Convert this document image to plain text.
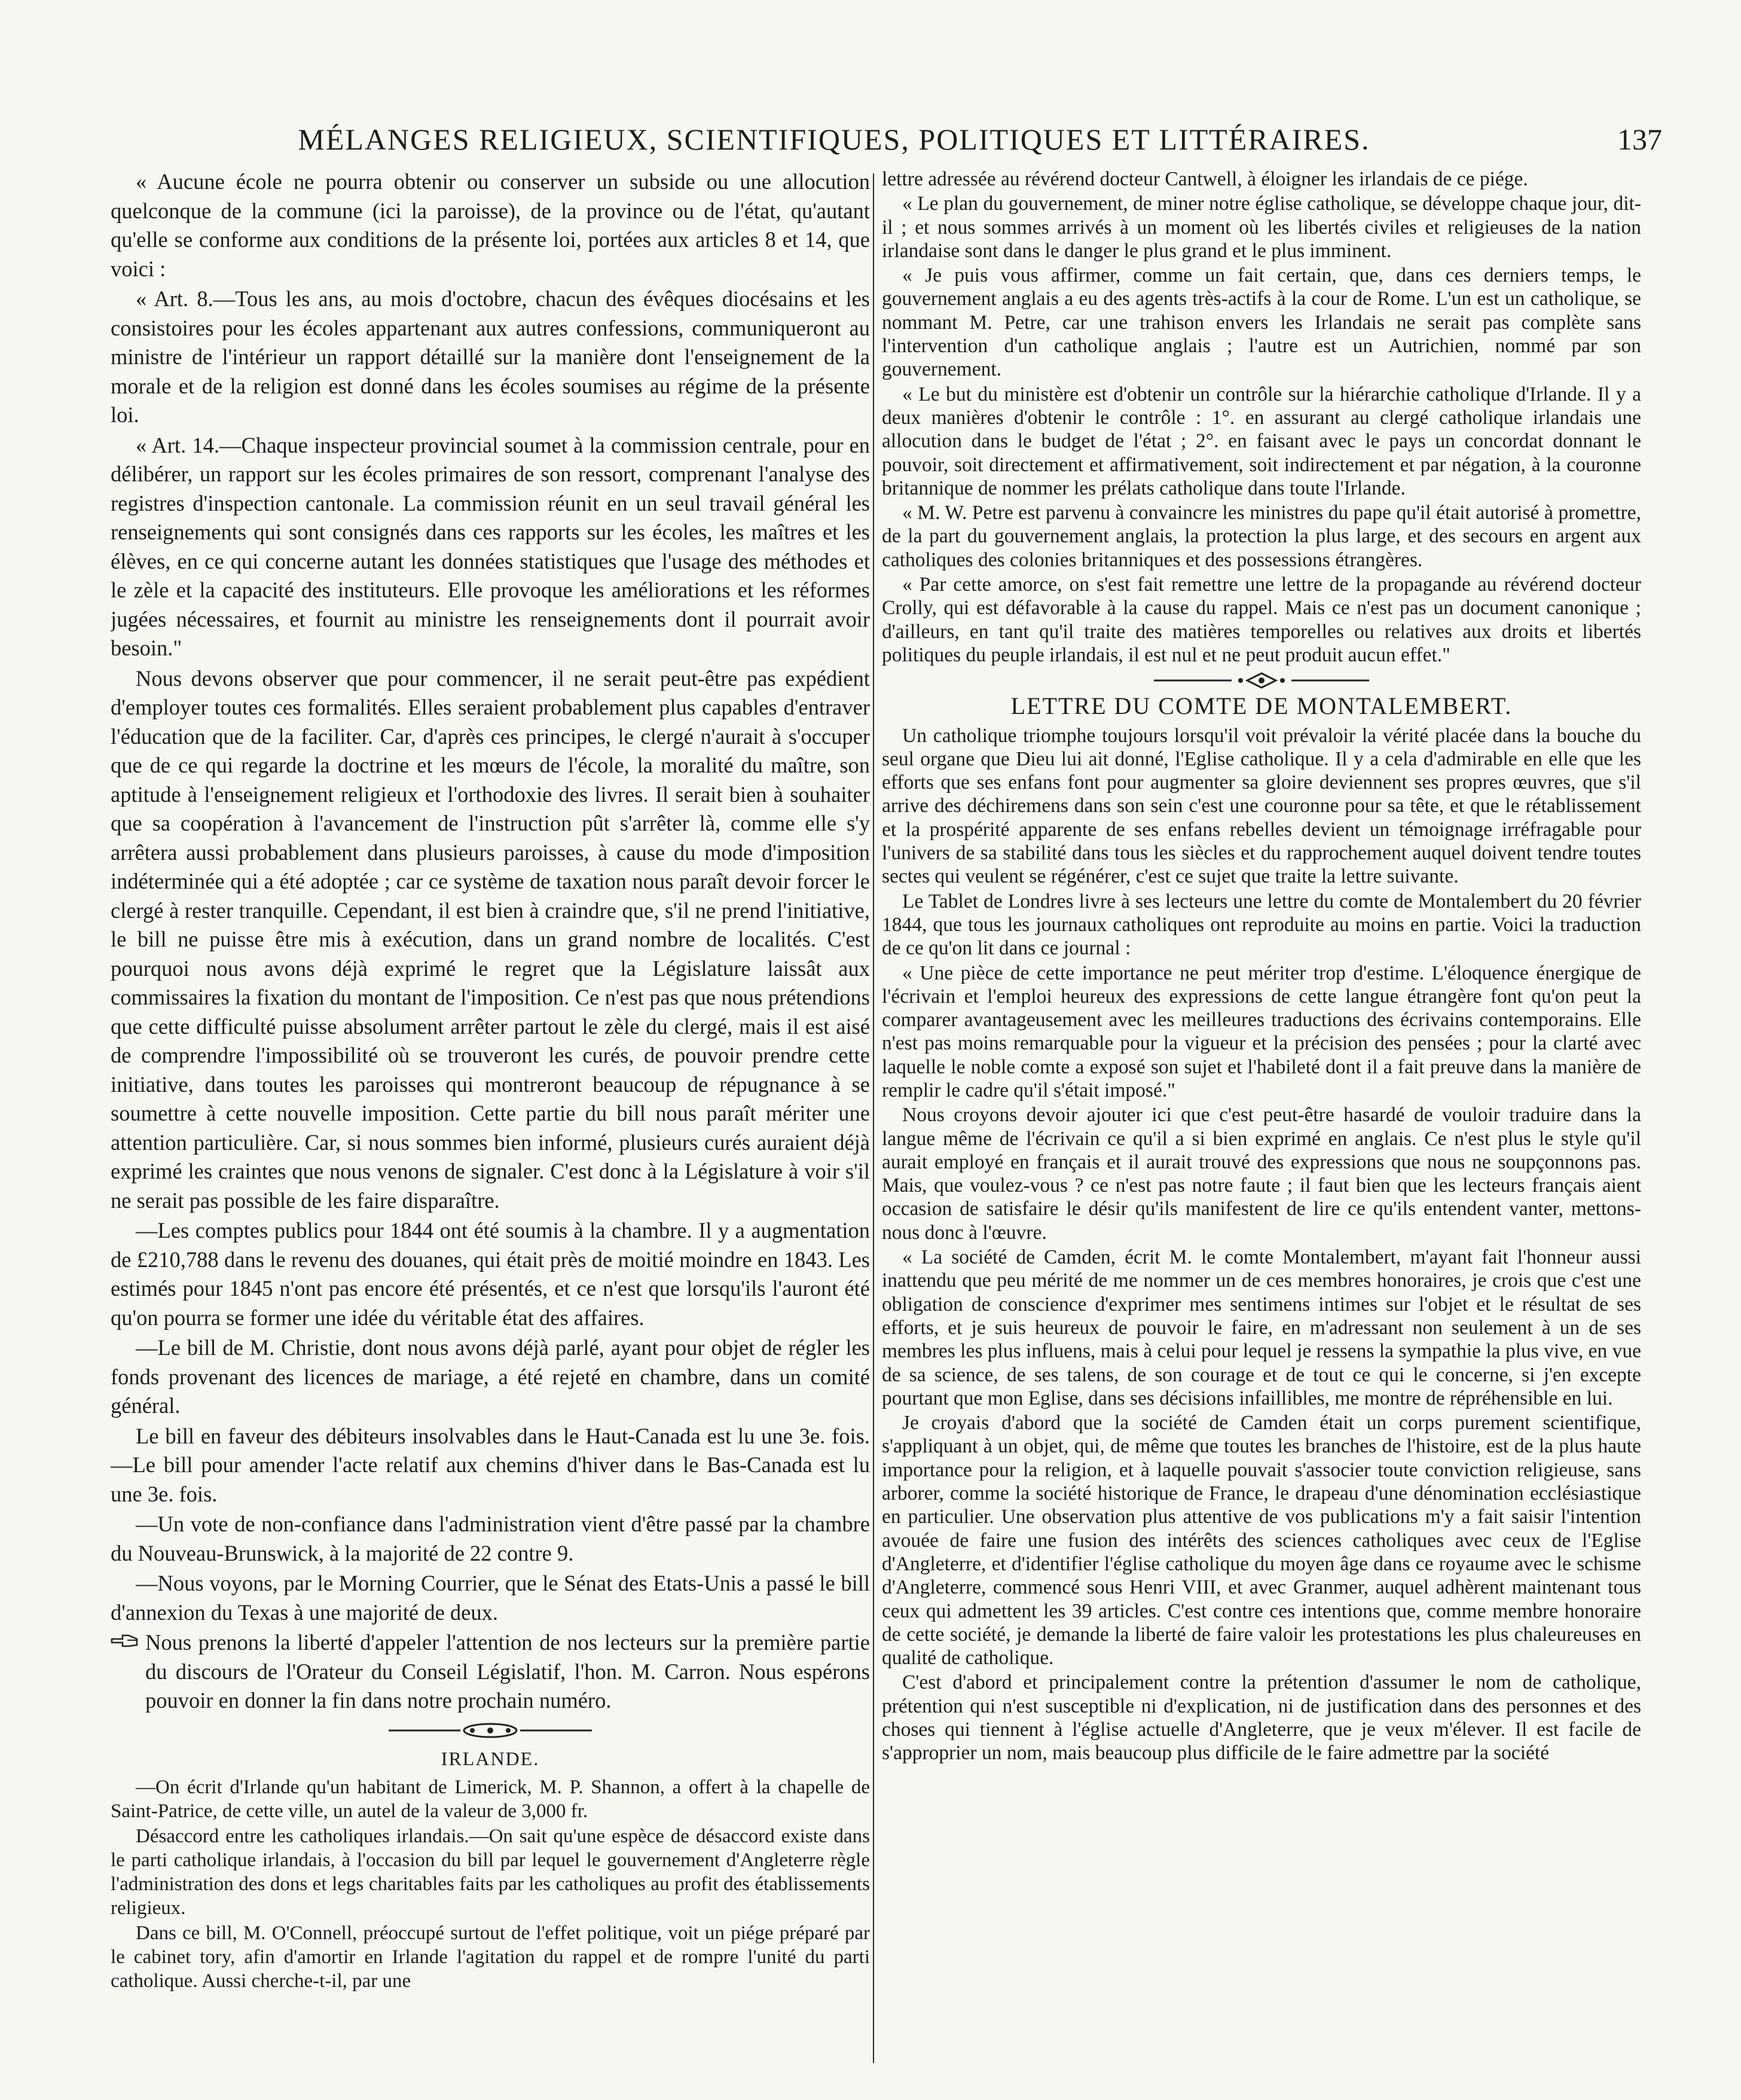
MÉLANGES RELIGIEUX, SCIENTIFIQUES, POLITIQUES ET LITTÉRAIRES.	137

« Aucune école ne pourra obtenir ou conserver un subside ou une allocution quelconque de la commune (ici la paroisse), de la province ou de l'état, qu'autant qu'elle se conforme aux conditions de la présente loi, portées aux articles 8 et 14, que voici :

« Art. 8.—Tous les ans, au mois d'octobre, chacun des évêques diocésains et les consistoires pour les écoles appartenant aux autres confessions, communiqueront au ministre de l'intérieur un rapport détaillé sur la manière dont l'enseignement de la morale et de la religion est donné dans les écoles soumises au régime de la présente loi.

« Art. 14.—Chaque inspecteur provincial soumet à la commission centrale, pour en délibérer, un rapport sur les écoles primaires de son ressort, comprenant l'analyse des registres d'inspection cantonale. La commission réunit en un seul travail général les renseignements qui sont consignés dans ces rapports sur les écoles, les maîtres et les élèves, en ce qui concerne autant les données statistiques que l'usage des méthodes et le zèle et la capacité des instituteurs. Elle provoque les améliorations et les réformes jugées nécessaires, et fournit au ministre les renseignements dont il pourrait avoir besoin."

Nous devons observer que pour commencer, il ne serait peut-être pas expédient d'employer toutes ces formalités. Elles seraient probablement plus capables d'entraver l'éducation que de la faciliter. Car, d'après ces principes, le clergé n'aurait à s'occuper que de ce qui regarde la doctrine et les mœurs de l'école, la moralité du maître, son aptitude à l'enseignement religieux et l'orthodoxie des livres. Il serait bien à souhaiter que sa coopération à l'avancement de l'instruction pût s'arrêter là, comme elle s'y arrêtera aussi probablement dans plusieurs paroisses, à cause du mode d'imposition indéterminée qui a été adoptée ; car ce système de taxation nous paraît devoir forcer le clergé à rester tranquille. Cependant, il est bien à craindre que, s'il ne prend l'initiative, le bill ne puisse être mis à exécution, dans un grand nombre de localités. C'est pourquoi nous avons déjà exprimé le regret que la Législature laissât aux commissaires la fixation du montant de l'imposition. Ce n'est pas que nous prétendions que cette difficulté puisse absolument arrêter partout le zèle du clergé, mais il est aisé de comprendre l'impossibilité où se trouveront les curés, de pouvoir prendre cette initiative, dans toutes les paroisses qui montreront beaucoup de répugnance à se soumettre à cette nouvelle imposition. Cette partie du bill nous paraît mériter une attention particulière. Car, si nous sommes bien informé, plusieurs curés auraient déjà exprimé les craintes que nous venons de signaler. C'est donc à la Législature à voir s'il ne serait pas possible de les faire disparaître.

—Les comptes publics pour 1844 ont été soumis à la chambre. Il y a augmentation de £210,788 dans le revenu des douanes, qui était près de moitié moindre en 1843. Les estimés pour 1845 n'ont pas encore été présentés, et ce n'est que lorsqu'ils l'auront été qu'on pourra se former une idée du véritable état des affaires.

—Le bill de M. Christie, dont nous avons déjà parlé, ayant pour objet de régler les fonds provenant des licences de mariage, a été rejeté en chambre, dans un comité général.

Le bill en faveur des débiteurs insolvables dans le Haut-Canada est lu une 3e. fois.—Le bill pour amender l'acte relatif aux chemins d'hiver dans le Bas-Canada est lu une 3e. fois.

—Un vote de non-confiance dans l'administration vient d'être passé par la chambre du Nouveau-Brunswick, à la majorité de 22 contre 9.

—Nous voyons, par le Morning Courrier, que le Sénat des Etats-Unis a passé le bill d'annexion du Texas à une majorité de deux.

Nous prenons la liberté d'appeler l'attention de nos lecteurs sur la première partie du discours de l'Orateur du Conseil Législatif, l'hon. M. Carron. Nous espérons pouvoir en donner la fin dans notre prochain numéro.

IRLANDE.

—On écrit d'Irlande qu'un habitant de Limerick, M. P. Shannon, a offert à la chapelle de Saint-Patrice, de cette ville, un autel de la valeur de 3,000 fr.

Désaccord entre les catholiques irlandais.—On sait qu'une espèce de désaccord existe dans le parti catholique irlandais, à l'occasion du bill par lequel le gouvernement d'Angleterre règle l'administration des dons et legs charitables faits par les catholiques au profit des établissements religieux.

Dans ce bill, M. O'Connell, préoccupé surtout de l'effet politique, voit un piége préparé par le cabinet tory, afin d'amortir en Irlande l'agitation du rappel et de rompre l'unité du parti catholique. Aussi cherche-t-il, par une

lettre adressée au révérend docteur Cantwell, à éloigner les irlandais de ce piége.

« Le plan du gouvernement, de miner notre église catholique, se développe chaque jour, dit-il ; et nous sommes arrivés à un moment où les libertés civiles et religieuses de la nation irlandaise sont dans le danger le plus grand et le plus imminent.

« Je puis vous affirmer, comme un fait certain, que, dans ces derniers temps, le gouvernement anglais a eu des agents très-actifs à la cour de Rome. L'un est un catholique, se nommant M. Petre, car une trahison envers les Irlandais ne serait pas complète sans l'intervention d'un catholique anglais ; l'autre est un Autrichien, nommé par son gouvernement.

« Le but du ministère est d'obtenir un contrôle sur la hiérarchie catholique d'Irlande. Il y a deux manières d'obtenir le contrôle : 1°. en assurant au clergé catholique irlandais une allocution dans le budget de l'état ; 2°. en faisant avec le pays un concordat donnant le pouvoir, soit directement et affirmativement, soit indirectement et par négation, à la couronne britannique de nommer les prélats catholique dans toute l'Irlande.

« M. W. Petre est parvenu à convaincre les ministres du pape qu'il était autorisé à promettre, de la part du gouvernement anglais, la protection la plus large, et des secours en argent aux catholiques des colonies britanniques et des possessions étrangères.

« Par cette amorce, on s'est fait remettre une lettre de la propagande au révérend docteur Crolly, qui est défavorable à la cause du rappel. Mais ce n'est pas un document canonique ; d'ailleurs, en tant qu'il traite des matières temporelles ou relatives aux droits et libertés politiques du peuple irlandais, il est nul et ne peut produit aucun effet."

LETTRE DU COMTE DE MONTALEMBERT.

Un catholique triomphe toujours lorsqu'il voit prévaloir la vérité placée dans la bouche du seul organe que Dieu lui ait donné, l'Eglise catholique. Il y a cela d'admirable en elle que les efforts que ses enfans font pour augmenter sa gloire deviennent ses propres œuvres, que s'il arrive des déchiremens dans son sein c'est une couronne pour sa tête, et que le rétablissement et la prospérité apparente de ses enfans rebelles devient un témoignage irréfragable pour l'univers de sa stabilité dans tous les siècles et du rapprochement auquel doivent tendre toutes sectes qui veulent se régénérer, c'est ce sujet que traite la lettre suivante.

Le Tablet de Londres livre à ses lecteurs une lettre du comte de Montalembert du 20 février 1844, que tous les journaux catholiques ont reproduite au moins en partie. Voici la traduction de ce qu'on lit dans ce journal :

« Une pièce de cette importance ne peut mériter trop d'estime. L'éloquence énergique de l'écrivain et l'emploi heureux des expressions de cette langue étrangère font qu'on peut la comparer avantageusement avec les meilleures traductions des écrivains contemporains. Elle n'est pas moins remarquable pour la vigueur et la précision des pensées ; pour la clarté avec laquelle le noble comte a exposé son sujet et l'habileté dont il a fait preuve dans la manière de remplir le cadre qu'il s'était imposé."

Nous croyons devoir ajouter ici que c'est peut-être hasardé de vouloir traduire dans la langue même de l'écrivain ce qu'il a si bien exprimé en anglais. Ce n'est plus le style qu'il aurait employé en français et il aurait trouvé des expressions que nous ne soupçonnons pas. Mais, que voulez-vous ? ce n'est pas notre faute ; il faut bien que les lecteurs français aient occasion de satisfaire le désir qu'ils manifestent de lire ce qu'ils entendent vanter, mettons-nous donc à l'œuvre.

« La société de Camden, écrit M. le comte Montalembert, m'ayant fait l'honneur aussi inattendu que peu mérité de me nommer un de ces membres honoraires, je crois que c'est une obligation de conscience d'exprimer mes sentimens intimes sur l'objet et le résultat de ses efforts, et je suis heureux de pouvoir le faire, en m'adressant non seulement à un de ses membres les plus influens, mais à celui pour lequel je ressens la sympathie la plus vive, en vue de sa science, de ses talens, de son courage et de tout ce qui le concerne, si j'en excepte pourtant que mon Eglise, dans ses décisions infaillibles, me montre de répréhensible en lui.

Je croyais d'abord que la société de Camden était un corps purement scientifique, s'appliquant à un objet, qui, de même que toutes les branches de l'histoire, est de la plus haute importance pour la religion, et à laquelle pouvait s'associer toute conviction religieuse, sans arborer, comme la société historique de France, le drapeau d'une dénomination ecclésiastique en particulier. Une observation plus attentive de vos publications m'y a fait saisir l'intention avouée de faire une fusion des intérêts des sciences catholiques avec ceux de l'Eglise d'Angleterre, et d'identifier l'église catholique du moyen âge dans ce royaume avec le schisme d'Angleterre, commencé sous Henri VIII, et avec Granmer, auquel adhèrent maintenant tous ceux qui admettent les 39 articles. C'est contre ces intentions que, comme membre honoraire de cette société, je demande la liberté de faire valoir les protestations les plus chaleureuses en qualité de catholique.

C'est d'abord et principalement contre la prétention d'assumer le nom de catholique, prétention qui n'est susceptible ni d'explication, ni de justification dans des personnes et des choses qui tiennent à l'église actuelle d'Angleterre, que je veux m'élever. Il est facile de s'approprier un nom, mais beaucoup plus difficile de le faire admettre par la société
